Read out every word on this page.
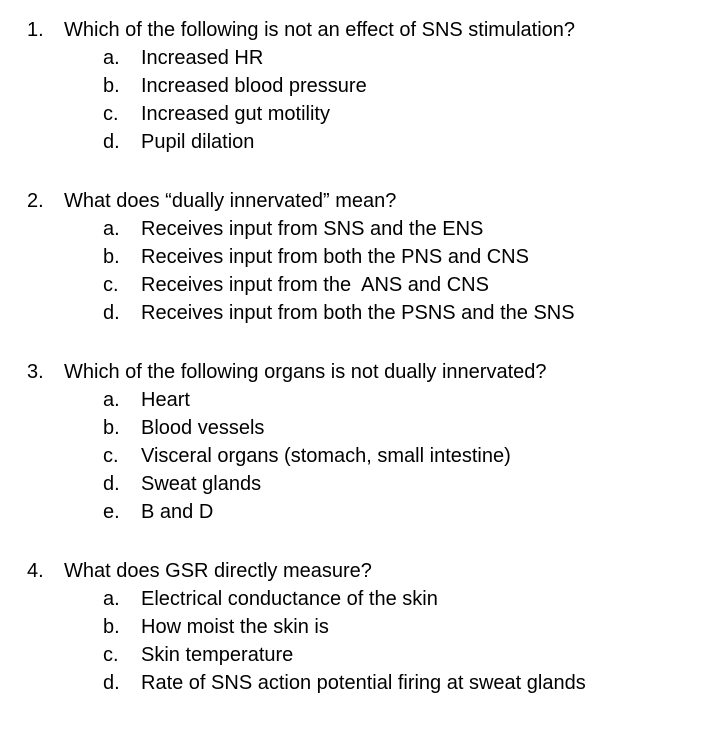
1. Which of the following is not an effect of SNS stimulation?
a. Increased HR
b. Increased blood pressure
c. Increased gut motility
d. Pupil dilation
2. What does “dually innervated” mean?
a. Receives input from SNS and the ENS
b. Receives input from both the PNS and CNS
c. Receives input from the  ANS and CNS
d. Receives input from both the PSNS and the SNS
3. Which of the following organs is not dually innervated?
a. Heart
b. Blood vessels
c. Visceral organs (stomach, small intestine)
d. Sweat glands
e. B and D
4. What does GSR directly measure?
a. Electrical conductance of the skin
b. How moist the skin is
c. Skin temperature
d. Rate of SNS action potential firing at sweat glands
